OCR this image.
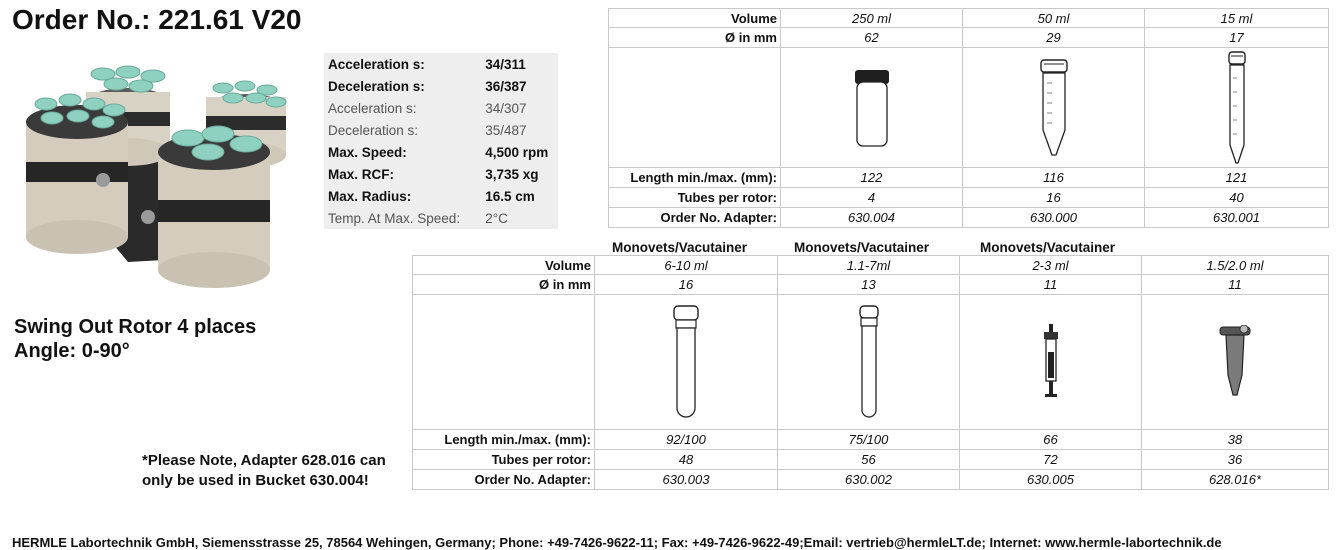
Order No.: 221.61 V20
Acceleration s:	34/311
Deceleration s:	36/387
Acceleration s:	34/307
Deceleration s:	35/487
Max. Speed:	4,500 rpm
Max. RCF:	3,735 xg
Max. Radius:	16.5 cm
Temp. At Max. Speed:	2°C
Swing Out Rotor 4 places
Angle: 0-90°
*Please Note, Adapter 628.016 can
only be used in Bucket 630.004!
Volume	250 ml	50 ml	15 ml
Ø in mm	62	29	17

Length min./max. (mm):	122	116	121
Tubes per rotor:	4	16	40
Order No. Adapter:	630.004	630.000	630.001
Monovets/Vacutainer	Monovets/Vacutainer	Monovets/Vacutainer
Volume	6-10 ml	1.1-7ml	2-3 ml	1.5/2.0 ml
Ø in mm	16	13	11	11

Length min./max. (mm):	92/100	75/100	66	38
Tubes per rotor:	48	56	72	36
Order No. Adapter:	630.003	630.002	630.005	628.016*
HERMLE Labortechnik GmbH, Siemensstrasse 25, 78564 Wehingen, Germany; Phone: +49-7426-9622-11; Fax: +49-7426-9622-49;Email: vertrieb@hermleLT.de; Internet: www.hermle-labortechnik.de
